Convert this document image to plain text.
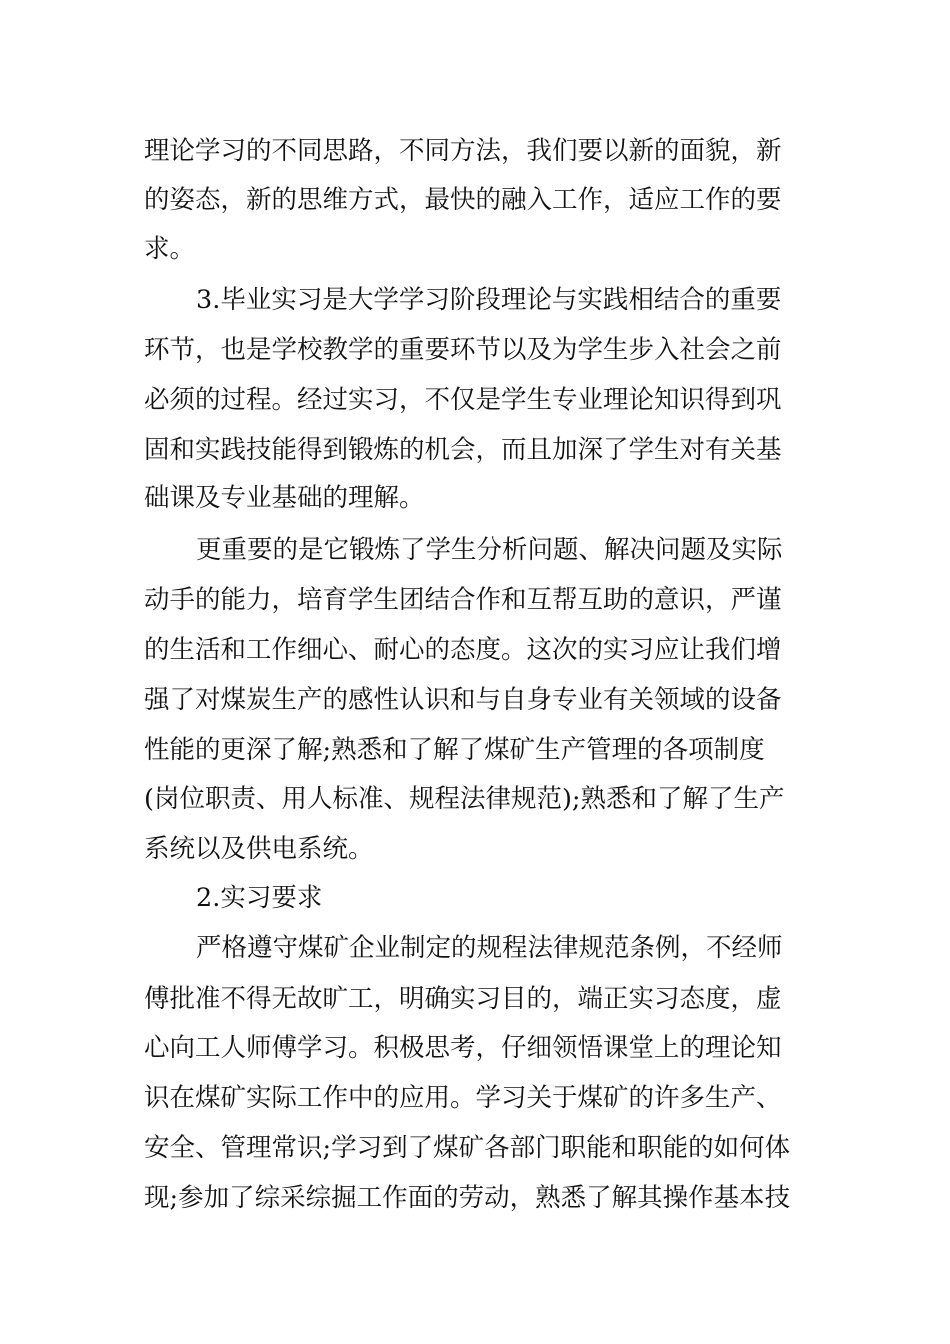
理论学习的不同思路，不同方法，我们要以新的面貌，新
的姿态，新的思维方式，最快的融入工作，适应工作的要
求。
3.毕业实习是大学学习阶段理论与实践相结合的重要
环节，也是学校教学的重要环节以及为学生步入社会之前
必须的过程。经过实习，不仅是学生专业理论知识得到巩
固和实践技能得到锻炼的机会，而且加深了学生对有关基
础课及专业基础的理解。
更重要的是它锻炼了学生分析问题、解决问题及实际
动手的能力，培育学生团结合作和互帮互助的意识，严谨
的生活和工作细心、耐心的态度。这次的实习应让我们增
强了对煤炭生产的感性认识和与自身专业有关领域的设备
性能的更深了解;熟悉和了解了煤矿生产管理的各项制度
(岗位职责、用人标准、规程法律规范);熟悉和了解了生产
系统以及供电系统。
2.实习要求
严格遵守煤矿企业制定的规程法律规范条例，不经师
傅批准不得无故旷工，明确实习目的，端正实习态度，虚
心向工人师傅学习。积极思考，仔细领悟课堂上的理论知
识在煤矿实际工作中的应用。学习关于煤矿的许多生产、
安全、管理常识;学习到了煤矿各部门职能和职能的如何体
现;参加了综采综掘工作面的劳动，熟悉了解其操作基本技
